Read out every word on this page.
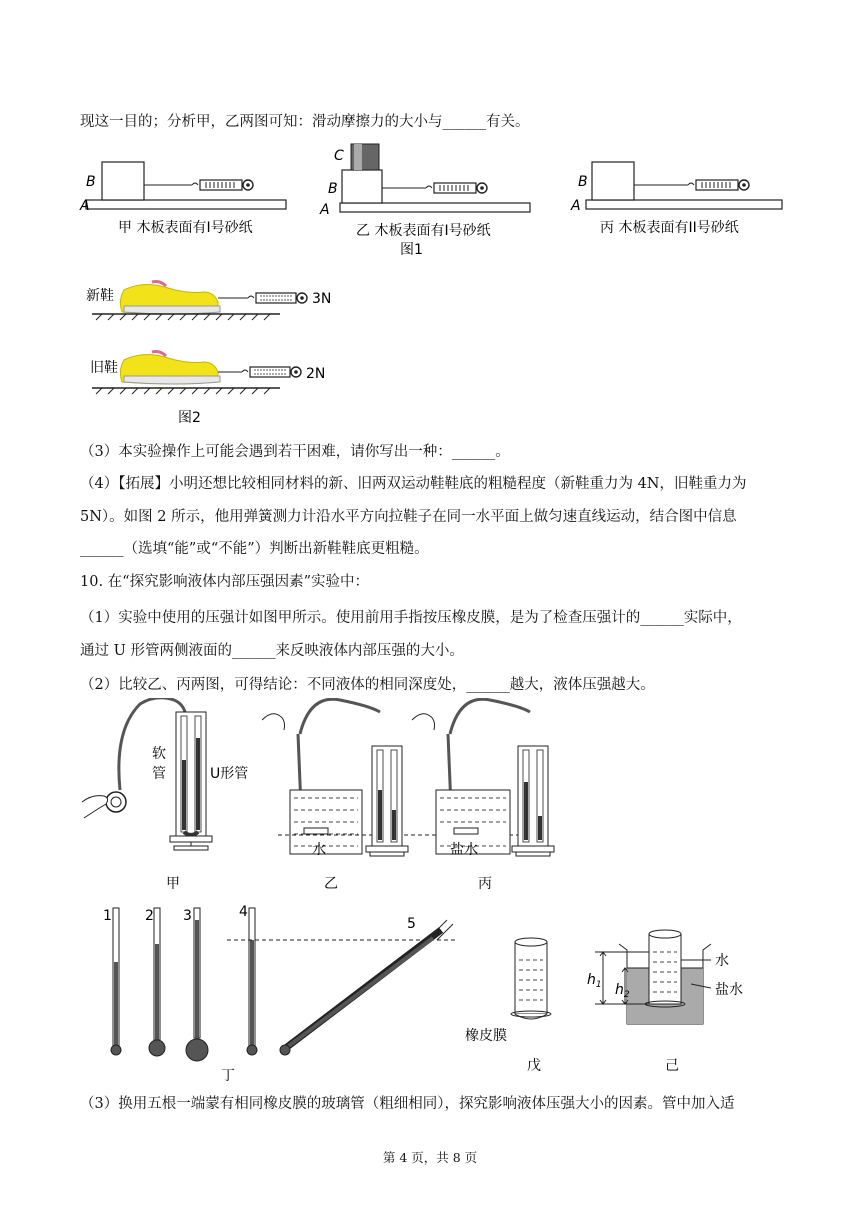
现这一目的；分析甲，乙两图可知：滑动摩擦力的大小与______有关。
（3）本实验操作上可能会遇到若干困难，请你写出一种：______。
（4）【拓展】小明还想比较相同材料的新、旧两双运动鞋鞋底的粗糙程度（新鞋重力为 4N，旧鞋重力为
5N）。如图 2 所示，他用弹簧测力计沿水平方向拉鞋子在同一水平面上做匀速直线运动，结合图中信息
______（选填“能”或“不能”）判断出新鞋鞋底更粗糙。
10. 在“探究影响液体内部压强因素”实验中：
（1）实验中使用的压强计如图甲所示。使用前用手指按压橡皮膜，是为了检查压强计的______实际中，
通过 U 形管两侧液面的______来反映液体内部压强的大小。
（2）比较乙、丙两图，可得结论：不同液体的相同深度处，______越大，液体压强越大。
（3）换用五根一端蒙有相同橡皮膜的玻璃管（粗细相同），探究影响液体压强大小的因素。管中加入适
A
B
甲 木板表面有I号砂纸
A
B
C
乙 木板表面有I号砂纸
图1
A
B
丙 木板表面有II号砂纸
新鞋	3N
旧鞋	2N
图2
软
管	U形管
甲
水
乙
盐水
丙
1 2 3	4
5
丁
橡皮膜
戊
$h_1$ $h_2$
水
盐水
己
第 4 页，共 8 页
